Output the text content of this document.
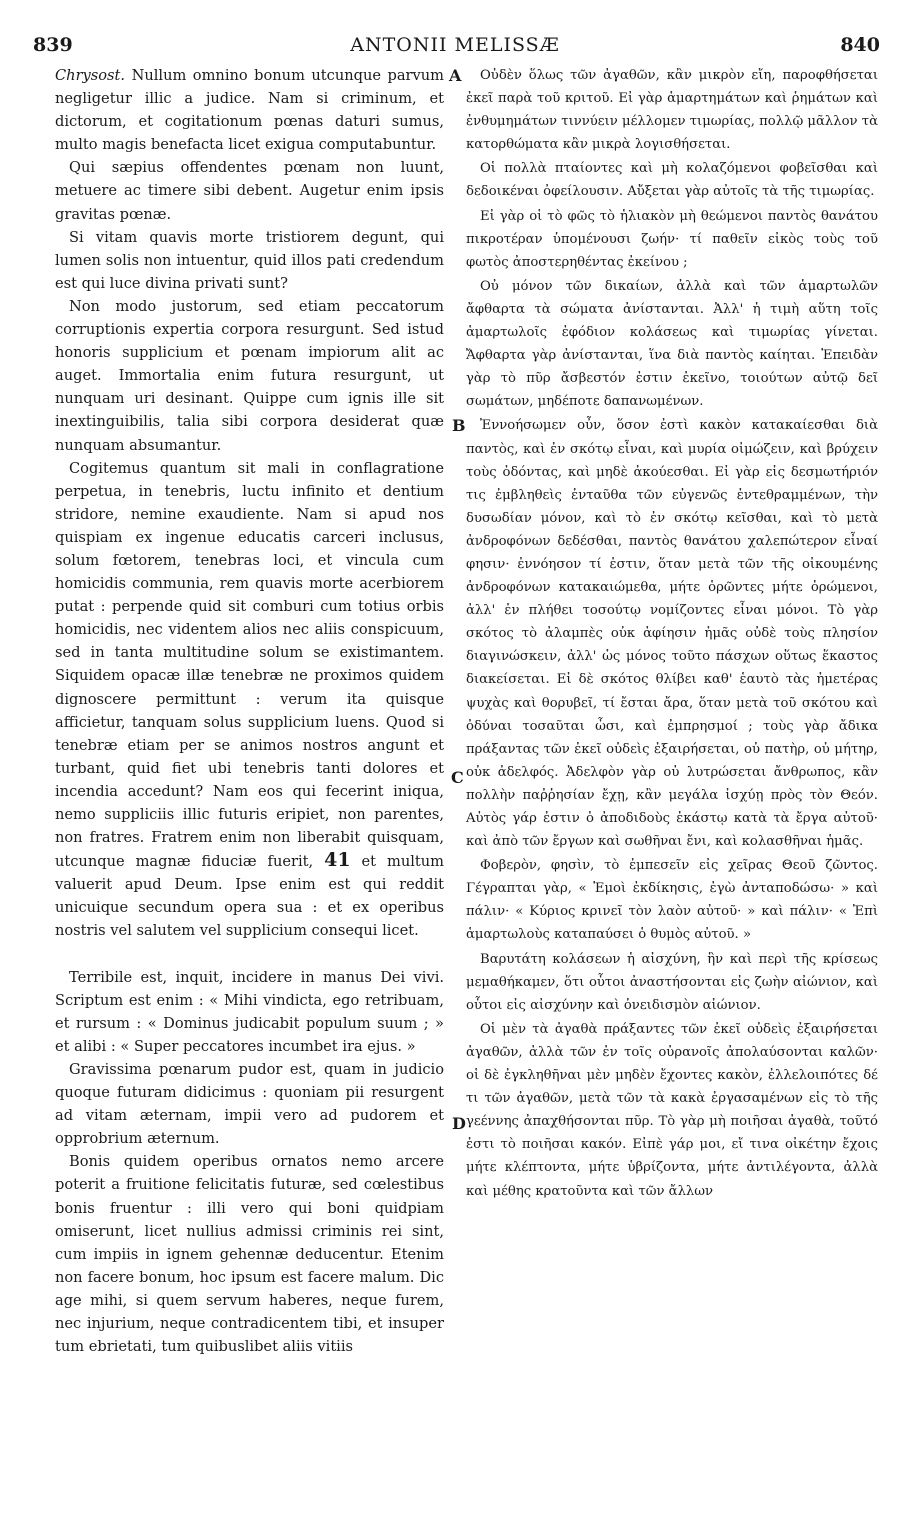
839	ANTONII MELISSÆ	840
A
B
C
D

Chrysost. Nullum omnino bonum utcunque parvum negligetur illic a judice. Nam si criminum, et dictorum, et cogitationum pœnas daturi sumus, multo magis benefacta licet exigua computabuntur.

Qui sæpius offendentes pœnam non luunt, metuere ac timere sibi debent. Augetur enim ipsis gravitas pœnæ.

Si vitam quavis morte tristiorem degunt, qui lumen solis non intuentur, quid illos pati credendum est qui luce divina privati sunt?

Non modo justorum, sed etiam peccatorum corruptionis expertia corpora resurgunt. Sed istud honoris supplicium et pœnam impiorum alit ac auget. Immortalia enim futura resurgunt, ut nunquam uri desinant. Quippe cum ignis ille sit inextinguibilis, talia sibi corpora desiderat quæ nunquam absumantur.

Cogitemus quantum sit mali in conflagratione perpetua, in tenebris, luctu infinito et dentium stridore, nemine exaudiente. Nam si apud nos quispiam ex ingenue educatis carceri inclusus, solum fœtorem, tenebras loci, et vincula cum homicidis communia, rem quavis morte acerbiorem putat : perpende quid sit comburi cum totius orbis homicidis, nec videntem alios nec aliis conspicuum, sed in tanta multitudine solum se existimantem. Siquidem opacæ illæ tenebræ ne proximos quidem dignoscere permittunt : verum ita quisque afficietur, tanquam solus supplicium luens. Quod si tenebræ etiam per se animos nostros angunt et turbant, quid fiet ubi tenebris tanti dolores et incendia accedunt? Nam eos qui fecerint iniqua, nemo suppliciis illic futuris eripiet, non parentes, non fratres. Fratrem enim non liberabit quisquam, utcunque magnæ fiduciæ fuerit, 41 et multum valuerit apud Deum. Ipse enim est qui reddit unicuique secundum opera sua : et ex operibus nostris vel salutem vel supplicium consequi licet.

Terribile est, inquit, incidere in manus Dei vivi. Scriptum est enim : « Mihi vindicta, ego retribuam, et rursum : « Dominus judicabit populum suum ; » et alibi : « Super peccatores incumbet ira ejus. »

Gravissima pœnarum pudor est, quam in judicio quoque futuram didicimus : quoniam pii resurgent ad vitam æternam, impii vero ad pudorem et opprobrium æternum.

Bonis quidem operibus ornatos nemo arcere poterit a fruitione felicitatis futuræ, sed cœlestibus bonis fruentur : illi vero qui boni quidpiam omiserunt, licet nullius admissi criminis rei sint, cum impiis in ignem gehennæ deducentur. Etenim non facere bonum, hoc ipsum est facere malum. Dic age mihi, si quem servum haberes, neque furem, nec injurium, neque contradicentem tibi, et insuper tum ebrietati, tum quibuslibet aliis vitiis

Οὐδὲν ὅλως τῶν ἀγαθῶν, κἂν μικρὸν εἴη, παροφθήσεται ἐκεῖ παρὰ τοῦ κριτοῦ. Εἰ γὰρ ἁμαρτημάτων καὶ ῥημάτων καὶ ἐνθυμημάτων τιννύειν μέλλομεν τιμωρίας, πολλῷ μᾶλλον τὰ κατορθώματα κἂν μικρὰ λογισθήσεται.

Οἱ πολλὰ πταίοντες καὶ μὴ κολαζόμενοι φοβεῖσθαι καὶ δεδοικέναι ὀφείλουσιν. Αὔξεται γὰρ αὐτοῖς τὰ τῆς τιμωρίας.

Εἰ γὰρ οἱ τὸ φῶς τὸ ἡλιακὸν μὴ θεώμενοι παντὸς θανάτου πικροτέραν ὑπομένουσι ζωήν· τί παθεῖν εἰκὸς τοὺς τοῦ φωτὸς ἀποστερηθέντας ἐκείνου ;

Οὐ μόνον τῶν δικαίων, ἀλλὰ καὶ τῶν ἁμαρτωλῶν ἄφθαρτα τὰ σώματα ἀνίστανται. Ἀλλ' ἡ τιμὴ αὕτη τοῖς ἁμαρτωλοῖς ἐφόδιον κολάσεως καὶ τιμωρίας γίνεται. Ἄφθαρτα γὰρ ἀνίστανται, ἵνα διὰ παντὸς καίηται. Ἐπειδὰν γὰρ τὸ πῦρ ἄσβεστόν ἐστιν ἐκεῖνο, τοιούτων αὐτῷ δεῖ σωμάτων, μηδέποτε δαπανωμένων.

Ἐννοήσωμεν οὖν, ὅσον ἐστὶ κακὸν κατακαίεσθαι διὰ παντὸς, καὶ ἐν σκότῳ εἶναι, καὶ μυρία οἰμώζειν, καὶ βρύχειν τοὺς ὀδόντας, καὶ μηδὲ ἀκούεσθαι. Εἰ γὰρ εἰς δεσμωτήριόν τις ἐμβληθεὶς ἐνταῦθα τῶν εὐγενῶς ἐντεθραμμένων, τὴν δυσωδίαν μόνον, καὶ τὸ ἐν σκότῳ κεῖσθαι, καὶ τὸ μετὰ ἀνδροφόνων δεδέσθαι, παντὸς θανάτου χαλεπώτερον εἶναί φησιν· ἐννόησον τί ἐστιν, ὅταν μετὰ τῶν τῆς οἰκουμένης ἀνδροφόνων κατακαιώμεθα, μήτε ὁρῶντες μήτε ὁρώμενοι, ἀλλ' ἐν πλήθει τοσούτῳ νομίζοντες εἶναι μόνοι. Τὸ γὰρ σκότος τὸ ἀλαμπὲς οὐκ ἀφίησιν ἡμᾶς οὐδὲ τοὺς πλησίον διαγινώσκειν, ἀλλ' ὡς μόνος τοῦτο πάσχων οὕτως ἕκαστος διακείσεται. Εἰ δὲ σκότος θλίβει καθ' ἑαυτὸ τὰς ἡμετέρας ψυχὰς καὶ θορυβεῖ, τί ἔσται ἄρα, ὅταν μετὰ τοῦ σκότου καὶ ὀδύναι τοσαῦται ὦσι, καὶ ἐμπρησμοί ; τοὺς γὰρ ἄδικα πράξαντας τῶν ἐκεῖ οὐδεὶς ἐξαιρήσεται, οὐ πατὴρ, οὐ μήτηρ, οὐκ ἀδελφός. Ἀδελφὸν γὰρ οὐ λυτρώσεται ἄνθρωπος, κἂν πολλὴν παῤῥησίαν ἔχῃ, κἂν μεγάλα ἰσχύῃ πρὸς τὸν Θεόν. Αὐτὸς γάρ ἐστιν ὁ ἀποδιδοὺς ἑκάστῳ κατὰ τὰ ἔργα αὐτοῦ· καὶ ἀπὸ τῶν ἔργων καὶ σωθῆναι ἔνι, καὶ κολασθῆναι ἡμᾶς.

Φοβερὸν, φησὶν, τὸ ἐμπεσεῖν εἰς χεῖρας Θεοῦ ζῶντος. Γέγραπται γὰρ, « Ἐμοὶ ἐκδίκησις, ἐγὼ ἀνταποδώσω· » καὶ πάλιν· « Κύριος κρινεῖ τὸν λαὸν αὐτοῦ· » καὶ πάλιν· « Ἐπὶ ἁμαρτωλοὺς καταπαύσει ὁ θυμὸς αὐτοῦ. »

Βαρυτάτη κολάσεων ἡ αἰσχύνη, ἣν καὶ περὶ τῆς κρίσεως μεμαθήκαμεν, ὅτι οὗτοι ἀναστήσονται εἰς ζωὴν αἰώνιον, καὶ οὗτοι εἰς αἰσχύνην καὶ ὀνειδισμὸν αἰώνιον.

Οἱ μὲν τὰ ἀγαθὰ πράξαντες τῶν ἐκεῖ οὐδεὶς ἐξαιρήσεται ἀγαθῶν, ἀλλὰ τῶν ἐν τοῖς οὐρανοῖς ἀπολαύσονται καλῶν· οἱ δὲ ἐγκληθῆναι μὲν μηδὲν ἔχοντες κακὸν, ἐλλελοιπότες δέ τι τῶν ἀγαθῶν, μετὰ τῶν τὰ κακὰ ἐργασαμένων εἰς τὸ τῆς γεέννης ἀπαχθήσονται πῦρ. Τὸ γὰρ μὴ ποιῆσαι ἀγαθὰ, τοῦτό ἐστι τὸ ποιῆσαι κακόν. Εἰπὲ γάρ μοι, εἴ τινα οἰκέτην ἔχοις μήτε κλέπτοντα, μήτε ὑβρίζοντα, μήτε ἀντιλέγοντα, ἀλλὰ καὶ μέθης κρατοῦντα καὶ τῶν ἄλλων
